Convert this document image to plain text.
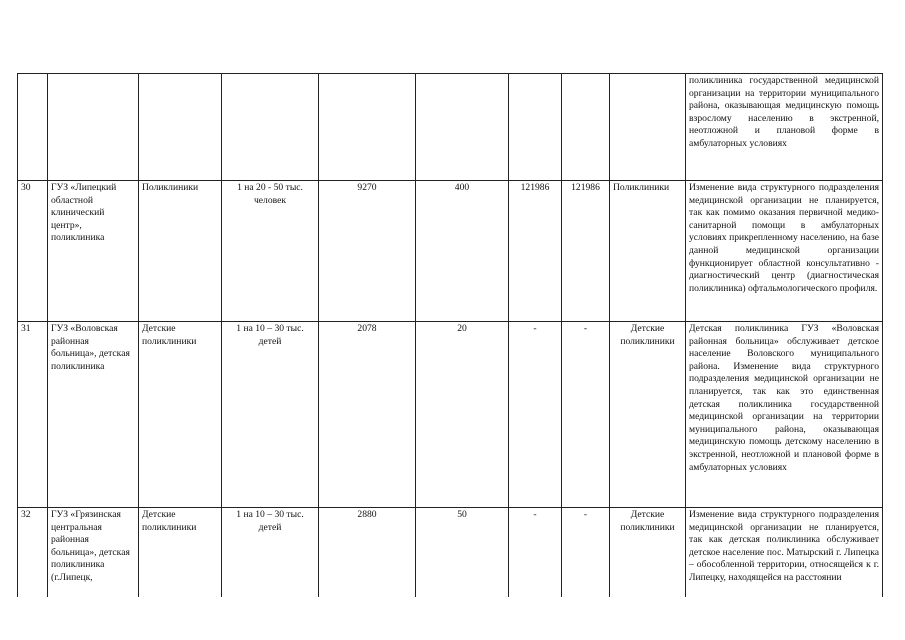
									поликлиника государственной медицинской организации на территории муниципального района, оказывающая медицинскую помощь взрослому населению в экстренной, неотложной и плановой форме в амбулаторных условиях
30	ГУЗ «Липецкий областной клинический центр», поликлиника	Поликлиники	1 на 20 - 50 тыс. человек	9270	400	121986	121986	Поликлиники	Изменение вида структурного подразделения медицинской организации не планируется, так как помимо оказания первичной медико-санитарной помощи в амбулаторных условиях прикрепленному населению, на базе данной медицинской организации функционирует областной консультативно - диагностический центр (диагностическая поликлиника) офтальмологического профиля.
31	ГУЗ «Воловская районная больница», детская поликлиника	Детские поликлиники	1 на 10 – 30 тыс. детей	2078	20	-	-	Детские поликлиники	Детская поликлиника ГУЗ «Воловская районная больница» обслуживает детское население Воловского муниципального района. Изменение вида структурного подразделения медицинской организации не планируется, так как это единственная детская поликлиника государственной медицинской организации на территории муниципального района, оказывающая медицинскую помощь детскому населению в экстренной, неотложной и плановой форме в амбулаторных условиях
32	ГУЗ «Грязинская центральная районная больница», детская поликлиника (г.Липецк,	Детские поликлиники	1 на 10 – 30 тыс. детей	2880	50	-	-	Детские поликлиники	Изменение вида структурного подразделения медицинской организации не планируется, так как детская поликлиника обслуживает детское население пос. Матырский г. Липецка – обособленной территории, относящейся к г. Липецку, находящейся на расстоянии
